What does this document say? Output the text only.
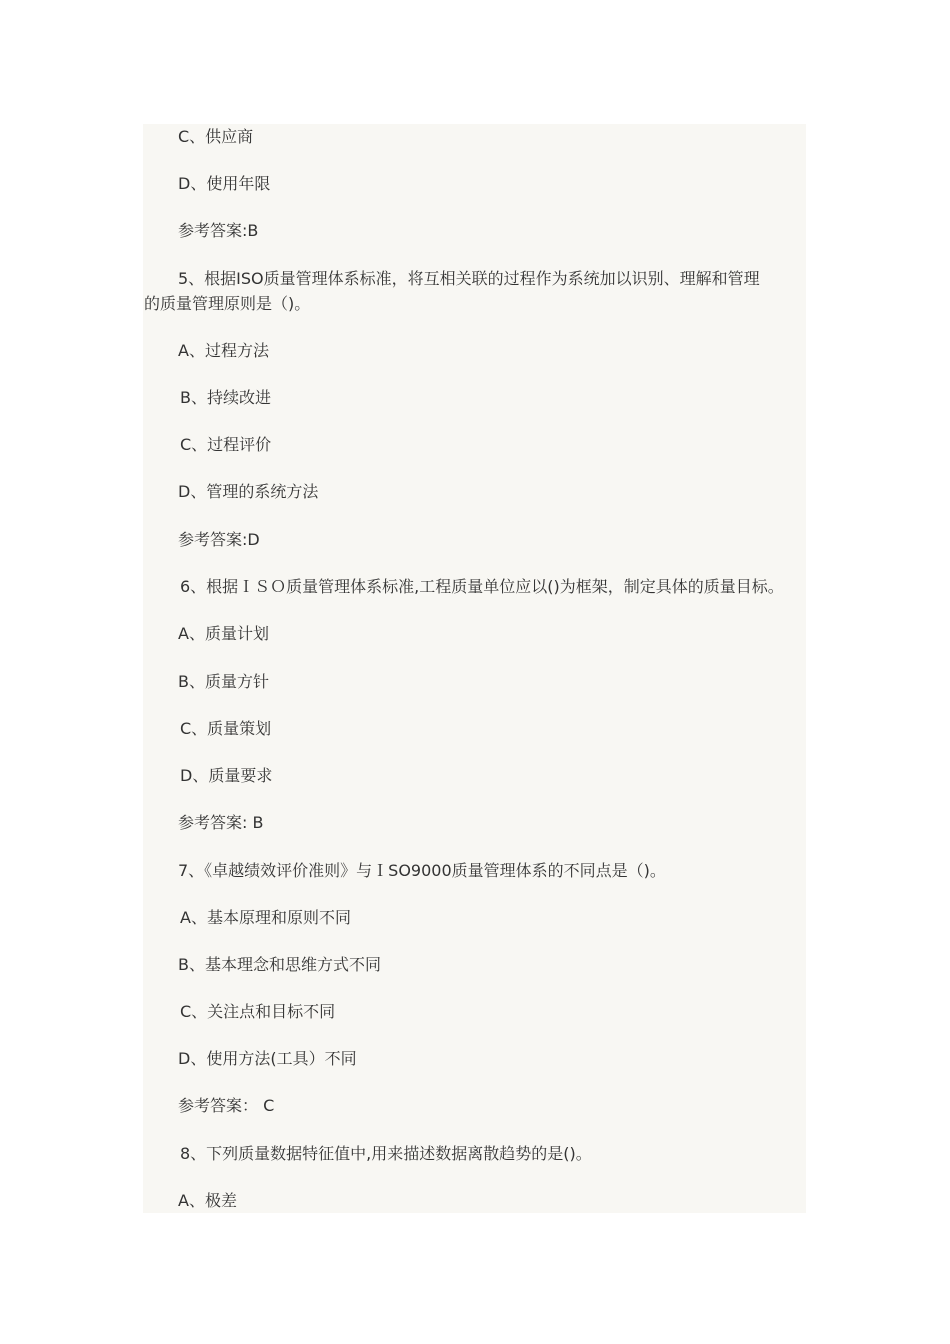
C、供应商
D、使用年限
参考答案:B
5、根据ISO质量管理体系标准，将互相关联的过程作为系统加以识别、理解和管理
的质量管理原则是（)。
A、过程方法
B、持续改进
C、过程评价
D、管理的系统方法
参考答案:D
6、根据ＩＳＯ质量管理体系标准,工程质量单位应以()为框架，制定具体的质量目标。
A、质量计划
B、质量方针
C、质量策划
D、质量要求
参考答案: B
7、《卓越绩效评价准则》与ＩSO9000质量管理体系的不同点是（)。
A、基本原理和原则不同
B、基本理念和思维方式不同
C、关注点和目标不同
D、使用方法(工具）不同
参考答案： C
8、下列质量数据特征值中,用来描述数据离散趋势的是()。
A、极差
